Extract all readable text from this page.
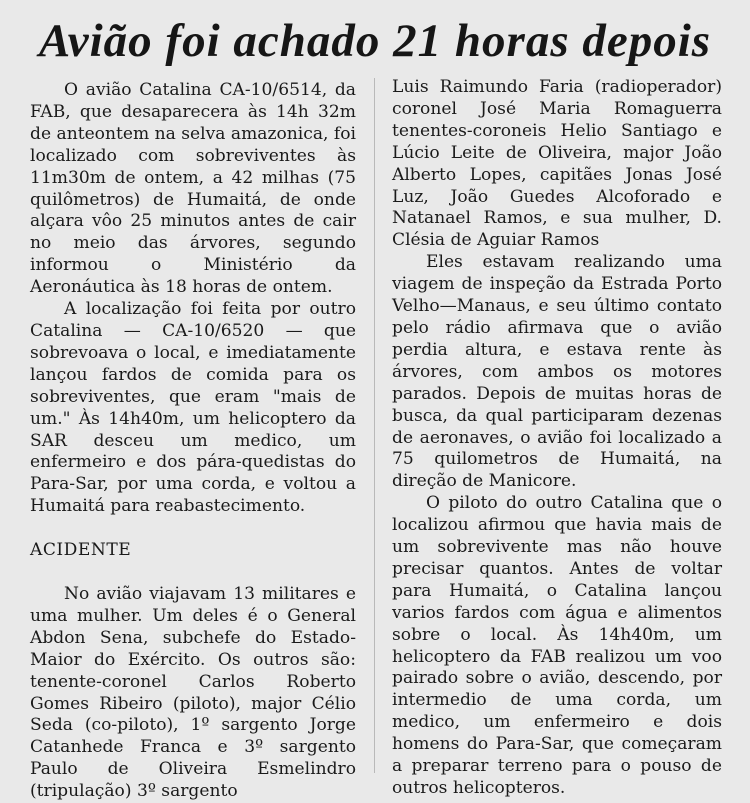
Avião foi achado 21 horas depois

O avião Catalina CA-10/6514, da FAB, que desaparecera às 14h 32m de anteontem na selva amazonica, foi localizado com sobreviventes às 11m30m de ontem, a 42 milhas (75 quilômetros) de Humaitá, de onde alçara vôo 25 minutos antes de cair no meio das árvores, segundo informou o Ministério da Aeronáutica às 18 horas de ontem.

A localização foi feita por outro Catalina — CA-10/6520 — que sobrevoava o local, e imediatamente lançou fardos de comida para os sobreviventes, que eram "mais de um." Às 14h40m, um helicoptero da SAR desceu um medico, um enfermeiro e dos pára-quedistas do Para-Sar, por uma corda, e voltou a Humaitá para reabastecimento.

ACIDENTE

No avião viajavam 13 militares e uma mulher. Um deles é o General Abdon Sena, subchefe do Estado-Maior do Exército. Os outros são: tenente-coronel Carlos Roberto Gomes Ribeiro (piloto), major Célio Seda (co-piloto), 1º sargento Jorge Catanhede Franca e 3º sargento Paulo de Oliveira Esmelindro (tripulação) 3º sargento

Luis Raimundo Faria (radioperador) coronel José Maria Romaguerra tenentes-coroneis Helio Santiago e Lúcio Leite de Oliveira, major João Alberto Lopes, capitães Jonas José Luz, João Guedes Alcoforado e Natanael Ramos, e sua mulher, D. Clésia de Aguiar Ramos

Eles estavam realizando uma viagem de inspeção da Estrada Porto Velho—Manaus, e seu último contato pelo rádio afirmava que o avião perdia altura, e estava rente às árvores, com ambos os motores parados. Depois de muitas horas de busca, da qual participaram dezenas de aeronaves, o avião foi localizado a 75 quilometros de Humaitá, na direção de Manicore.

O piloto do outro Catalina que o localizou afirmou que havia mais de um sobrevivente mas não houve precisar quantos. Antes de voltar para Humaitá, o Catalina lançou varios fardos com água e alimentos sobre o local. Às 14h40m, um helicoptero da FAB realizou um voo pairado sobre o avião, descendo, por intermedio de uma corda, um medico, um enfermeiro e dois homens do Para-Sar, que começaram a preparar terreno para o pouso de outros helicopteros.
